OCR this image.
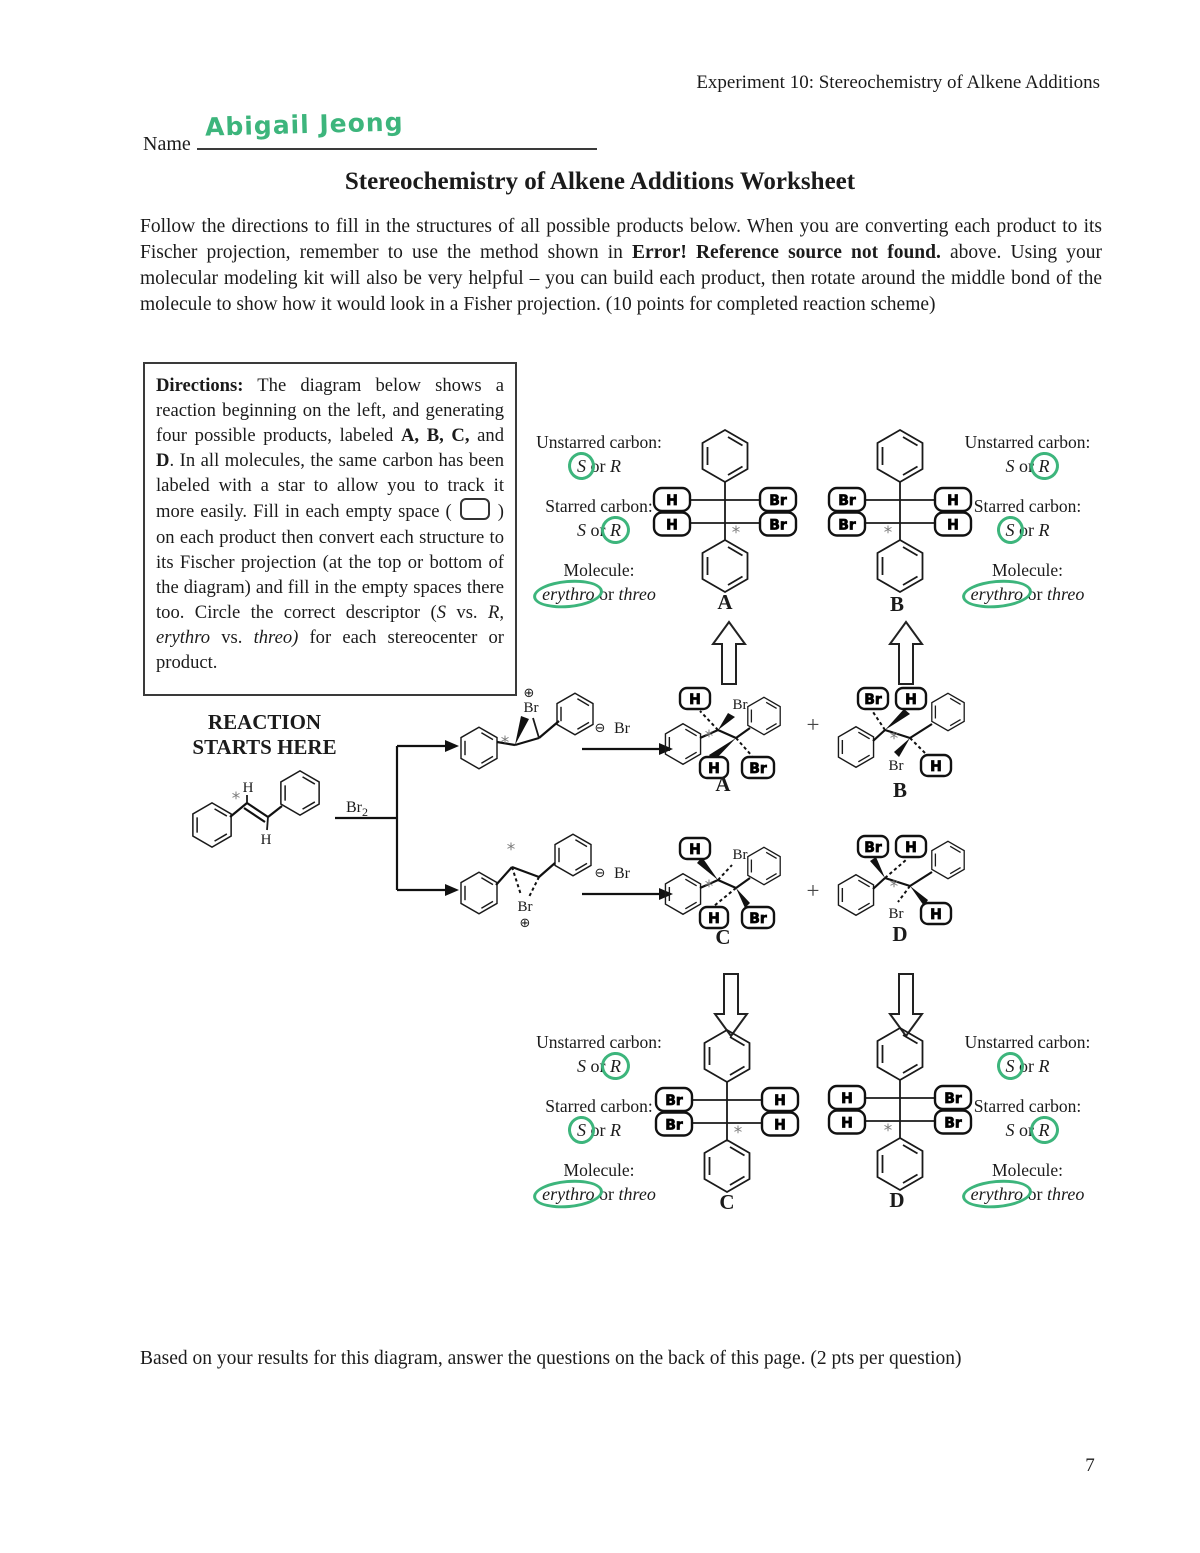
Experiment 10: Stereochemistry of Alkene Additions
Name
Abigail Jeong
Stereochemistry of Alkene Additions Worksheet

Follow the directions to fill in the structures of all possible products below. When you are converting each product to its Fischer projection, remember to use the method shown in Error! Reference source not found. above. Using your molecular modeling kit will also be very helpful – you can build each product, then rotate around the middle bond of the molecule to show how it would look in a Fisher projection. (10 points for completed reaction scheme)

Directions: The diagram below shows a reaction beginning on the left, and generating four possible products, labeled A, B, C, and D. In all molecules, the same carbon has been labeled with a star to allow you to track it more easily. Fill in each empty space (  ) on each product then convert each structure to its Fischer projection (at the top or bottom of the diagram) and fill in the empty spaces there too. Circle the correct descriptor (S vs. R, erythro vs. threo) for each stereocenter or product.
REACTION
STARTS HERE
H
H
*	$Br_2$
Br
⊕
*
⊖ Br
H Br
H Br
*
A
+
Br H
Br H
*
B
Br
⊕
*
⊖ Br
H Br
H Br
*
C
+
Br H
Br H
*
D
H
H
Br
Br
*
A
Br
Br
H
H
*
B
Br
Br
H
H
*
C
H
H
Br
Br
*
D
Unstarred carbon:
S or R
Starred carbon:
S or R
Molecule:
erythro or threo
Unstarred carbon:
S or R
Starred carbon:
S or R
Molecule:
erythro or threo
Unstarred carbon:
S or R
Starred carbon:
S or R
Molecule:
erythro or threo
Unstarred carbon:
S or R
Starred carbon:
S or R
Molecule:
erythro or threo

Based on your results for this diagram, answer the questions on the back of this page. (2 pts per question)

7
